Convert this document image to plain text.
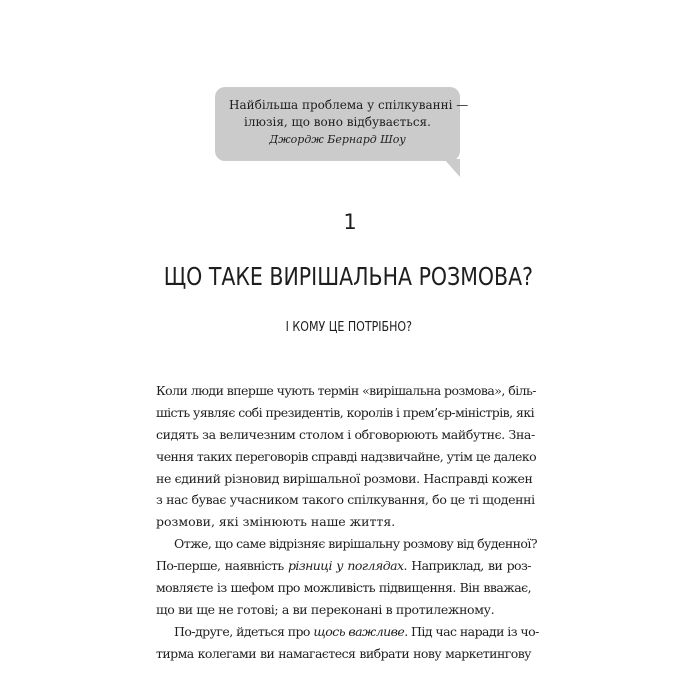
Найбільша проблема у спілкуванні —
ілюзія, що воно відбувається.
Джордж Бернард Шоу
1
ЩО ТАКЕ ВИРІШАЛЬНА РОЗМОВА?
І КОМУ ЦЕ ПОТРІБНО?
Коли люди вперше чують термін «вирішальна розмова», біль-
шість уявляє собі президентів, королів і прем’єр-міністрів, які
сидять за величезним столом і обговорюють майбутнє. Зна-
чення таких переговорів справді надзвичайне, утім це далеко
не єдиний різновид вирішальної розмови. Насправді кожен
з нас буває учасником такого спілкування, бо це ті щоденні
розмови, які змінюють наше життя.
Отже, що саме відрізняє вирішальну розмову від буденної?
По-перше, наявність різниці у поглядах. Наприклад, ви роз-
мовляєте із шефом про можливість підвищення. Він вважає,
що ви ще не готові; а ви переконані в протилежному.
По-друге, йдеться про щось важливе. Під час наради із чо-
тирма колегами ви намагаєтеся вибрати нову маркетингову
